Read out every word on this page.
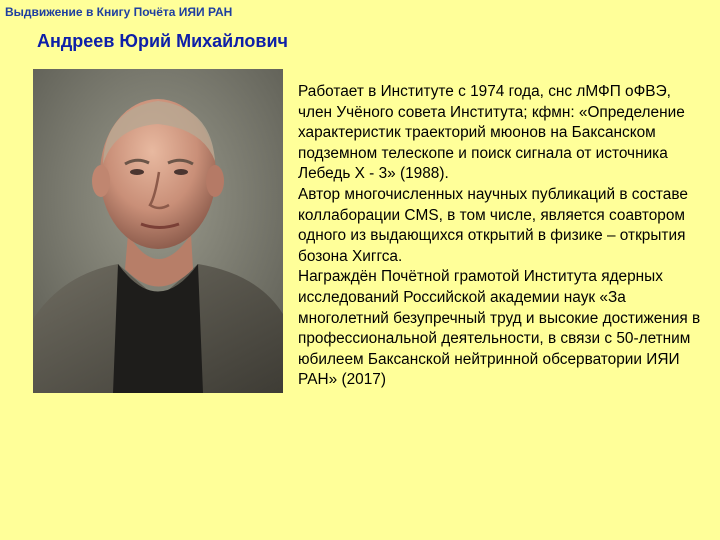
Выдвижение в Книгу Почёта ИЯИ РАН
Андреев Юрий Михайлович

Работает в Институте с 1974 года, снс лМФП оФВЭ, член Учёного совета Института; кфмн: «Определение характеристик траекторий мюонов на Баксанском подземном телескопе и поиск сигнала от источника Лебедь X - 3» (1988).

Автор многочисленных научных публикаций в составе коллаборации CMS, в том числе, является соавтором одного из выдающихся открытий в физике – открытия бозона Хиггса.

Награждён Почётной грамотой Института ядерных исследований Российской академии наук «За многолетний безупречный труд и высокие достижения в профессиональной деятельности, в связи с 50-летним юбилеем Баксанской нейтринной обсерватории ИЯИ РАН» (2017)
